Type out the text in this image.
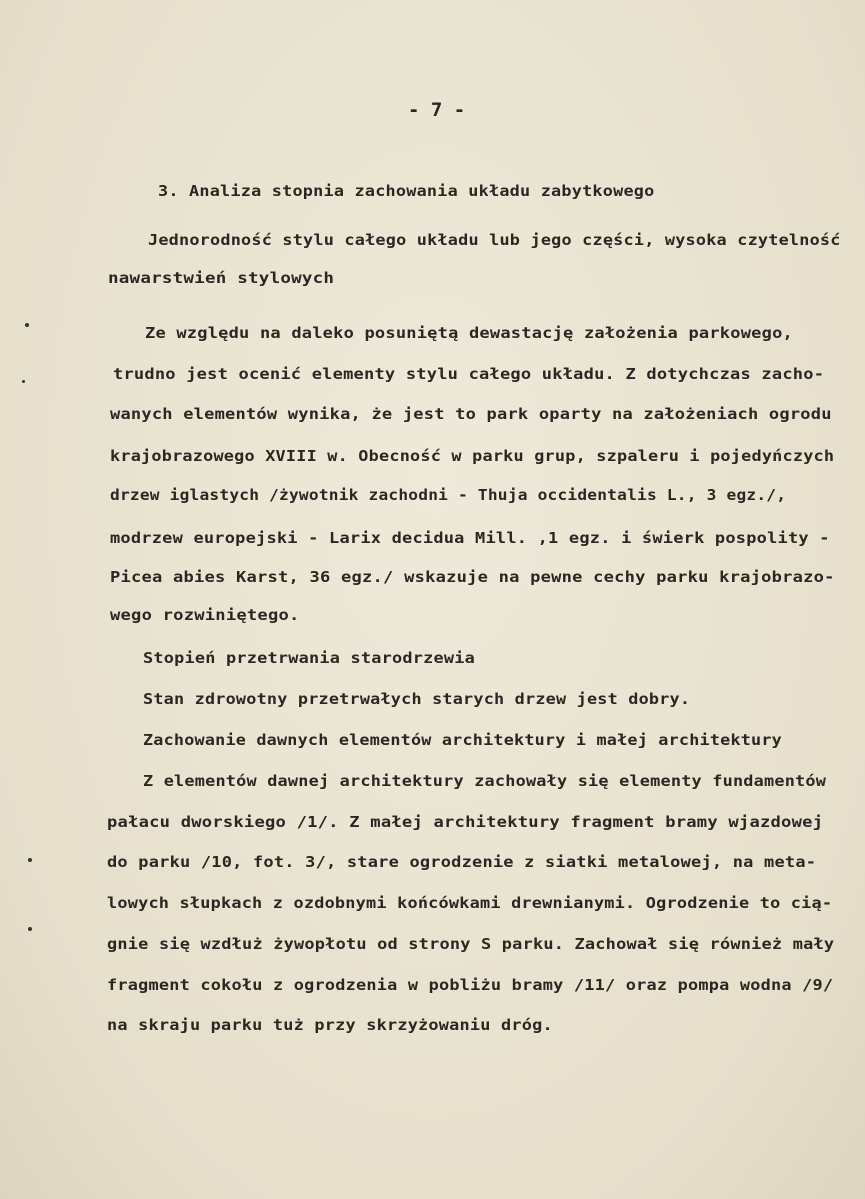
- 7 -
3. Analiza stopnia zachowania układu zabytkowego
Jednorodność stylu całego układu lub jego części, wysoka czytelność
nawarstwień stylowych
Ze względu na daleko posuniętą dewastację założenia parkowego,
trudno jest ocenić elementy stylu całego układu. Z dotychczas zacho-
wanych elementów wynika, że jest to park oparty na założeniach ogrodu
krajobrazowego XVIII w. Obecność w parku grup, szpaleru i pojedyńczych
drzew iglastych /żywotnik zachodni - Thuja occidentalis L., 3 egz./,
modrzew europejski - Larix decidua Mill. ,1 egz. i świerk pospolity -
Picea abies Karst, 36 egz./ wskazuje na pewne cechy parku krajobrazo-
wego rozwiniętego.
Stopień przetrwania starodrzewia
Stan zdrowotny przetrwałych starych drzew jest dobry.
Zachowanie dawnych elementów architektury i małej architektury
Z elementów dawnej architektury zachowały się elementy fundamentów
pałacu dworskiego /1/. Z małej architektury fragment bramy wjazdowej
do parku /10, fot. 3/, stare ogrodzenie z siatki metalowej, na meta-
lowych słupkach z ozdobnymi końcówkami drewnianymi. Ogrodzenie to cią-
gnie się wzdłuż żywopłotu od strony S parku. Zachował się również mały
fragment cokołu z ogrodzenia w pobliżu bramy /11/ oraz pompa wodna /9/
na skraju parku tuż przy skrzyżowaniu dróg.
